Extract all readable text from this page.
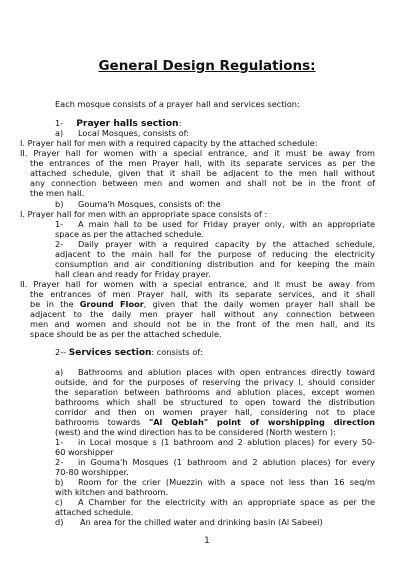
General Design Regulations:
Each mosque consists of a prayer hall and services section:
1- Prayer halls section:
a) Local Mosques, consists of:
I. Prayer hall for men with a required capacity by the attached schedule:
II. Prayer hall for women with a special entrance, and it must be away from
the entrances of the men Prayer hall, with its separate services as per the
attached schedule, given that it shall be adjacent to the men hall without
any connection between men and women and shall not be in the front of
the men hall.
b) Gouma'h Mosques, consists of: the
I. Prayer hall for men with an appropriate space consists of :
1- A main hall to be used for Friday prayer only, with an appropriate
space as per the attached schedule.
2- Daily prayer with a required capacity by the attached schedule,
adjacent to the main hall for the purpose of reducing the electricity
consumption and air conditioning distribution and for keeping the main
hall clean and ready for Friday prayer.
II. Prayer hall for women with a special entrance, and it must be away from
the entrances of men Prayer hall, with its separate services, and it shall
be in the Ground Floor, given that the daily women prayer hall shall be
adjacent to the daily men prayer hall without any connection between
men and women and should not be in the front of the men hall, and its
space should be as per the attached schedule.
2-- Services section: consists of:
a) Bathrooms and ablution places with open entrances directly toward
outside, and for the purposes of reserving the privacy l, should consider
the separation between bathrooms and ablution places, except women
bathrooms which shall be structured to open toward the distribution
corridor and then on women prayer hall, considering not to place
bathrooms towards "Al Qeblah" point of worshipping direction
(west) and the wind direction has to be considered (North western ):
1- in Local mosque s (1 bathroom and 2 ablution places) for every 50-
60 worshipper
2- in Gouma'h Mosques (1 bathroom and 2 ablution places) for every
70-80 worshipper.
b) Room for the crier (Muezzin with a space not less than 16 seq/m
with kitchen and bathroom.
c) A Chamber for the electricity with an appropriate space as per the
attached schedule.
d) An area for the chilled water and drinking basin (Al Sabeel)
1
